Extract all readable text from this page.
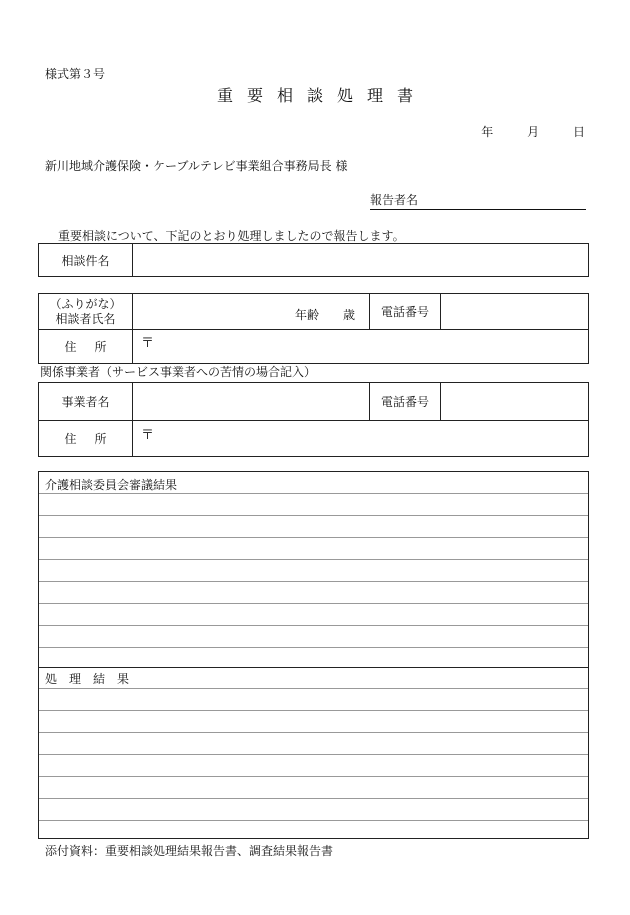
様式第３号
重要相談処理書
年	月	日
新川地域介護保険・ケーブルテレビ事業組合事務局長 様
報告者名
重要相談について、下記のとおり処理しましたので報告します。
相談件名	
（ふりがな）
相談者氏名	年齢　　歳	電話番号	
住所	〒		
関係事業者（サービス事業者への苦情の場合記入）
事業者名		電話番号	
住所	〒		
介護相談委員会審議結果
処　理　結　果
添付資料：重要相談処理結果報告書、調査結果報告書
